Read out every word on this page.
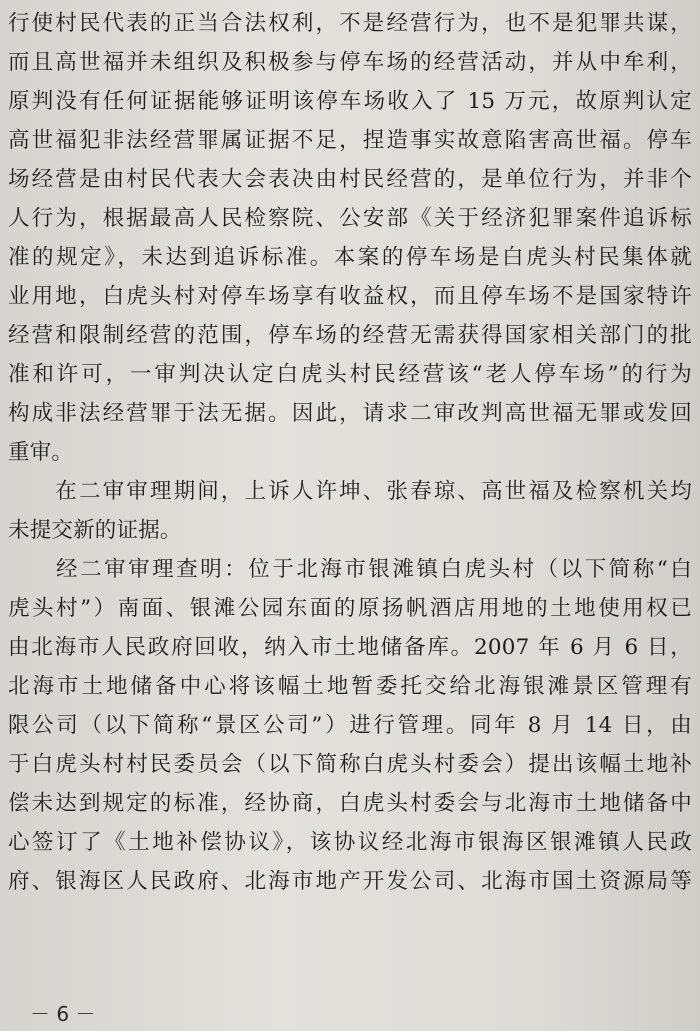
行使村民代表的正当合法权利，不是经营行为，也不是犯罪共谋，
而且高世福并未组织及积极参与停车场的经营活动，并从中牟利，
原判没有任何证据能够证明该停车场收入了 15 万元，故原判认定
高世福犯非法经营罪属证据不足，捏造事实故意陷害高世福。停车
场经营是由村民代表大会表决由村民经营的，是单位行为，并非个
人行为，根据最高人民检察院、公安部《关于经济犯罪案件追诉标
准的规定》，未达到追诉标准。本案的停车场是白虎头村民集体就
业用地，白虎头村对停车场享有收益权，而且停车场不是国家特许
经营和限制经营的范围，停车场的经营无需获得国家相关部门的批
准和许可，一审判决认定白虎头村民经营该“老人停车场”的行为
构成非法经营罪于法无据。因此，请求二审改判高世福无罪或发回
重审。
　　在二审审理期间，上诉人许坤、张春琼、高世福及检察机关均
未提交新的证据。
　　经二审审理查明：位于北海市银滩镇白虎头村（以下简称“白
虎头村”）南面、银滩公园东面的原扬帆酒店用地的土地使用权已
由北海市人民政府回收，纳入市土地储备库。2007 年 6 月 6 日，
北海市土地储备中心将该幅土地暂委托交给北海银滩景区管理有
限公司（以下简称“景区公司”）进行管理。同年 8 月 14 日，由
于白虎头村村民委员会（以下简称白虎头村委会）提出该幅土地补
偿未达到规定的标准，经协商，白虎头村委会与北海市土地储备中
心签订了《土地补偿协议》，该协议经北海市银海区银滩镇人民政
府、银海区人民政府、北海市地产开发公司、北海市国土资源局等
－ 6 －
